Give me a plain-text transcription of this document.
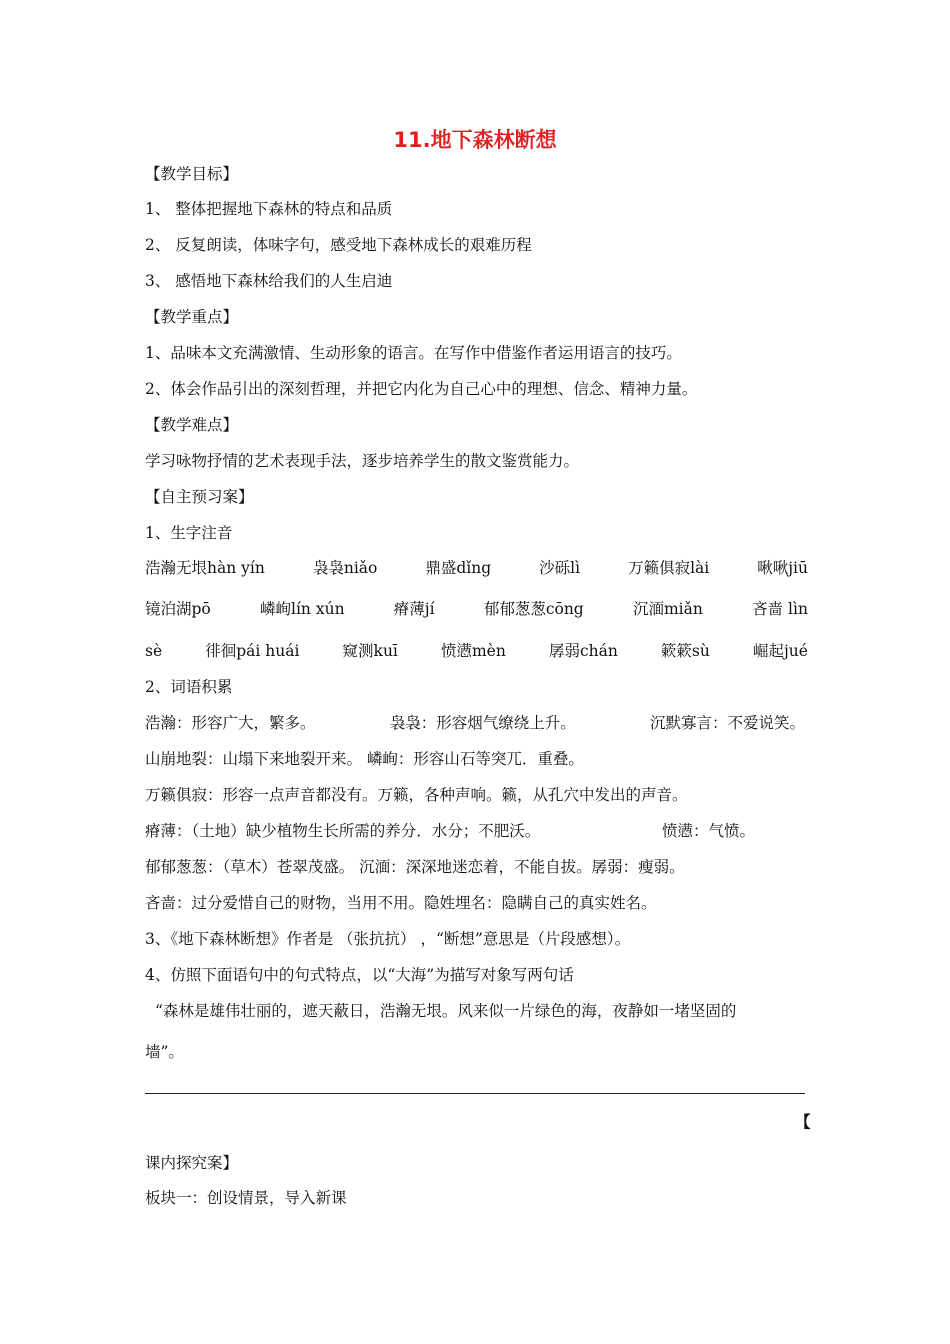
11.地下森林断想
【教学目标】
1、 整体把握地下森林的特点和品质
2、 反复朗读，体味字句，感受地下森林成长的艰难历程
3、 感悟地下森林给我们的人生启迪
【教学重点】
1、品味本文充满激情、生动形象的语言。在写作中借鉴作者运用语言的技巧。
2、体会作品引出的深刻哲理，并把它内化为自己心中的理想、信念、精神力量。
【教学难点】
学习咏物抒情的艺术表现手法，逐步培养学生的散文鉴赏能力。
【自主预习案】
1、生字注音
浩瀚无垠hàn yín	袅袅niǎo	鼎盛dǐng	沙砾lì	万籁俱寂lài	啾啾jiū
镜泊湖pō	嶙峋lín xún	瘠薄jí	郁郁葱葱cōng	沉湎miǎn	吝啬 lìn
sè	徘徊pái huái	窥测kuī	愤懑mèn	孱弱chán	簌簌sù	崛起jué
2、词语积累
浩瀚：形容广大，繁多。	袅袅：形容烟气缭绕上升。	沉默寡言：不爱说笑。
山崩地裂：山塌下来地裂开来。 嶙峋：形容山石等突兀．重叠。
万籁俱寂：形容一点声音都没有。万籁，各种声响。籁，从孔穴中发出的声音。
瘠薄：（土地）缺少植物生长所需的养分．水分；不肥沃。	愤懑：气愤。
郁郁葱葱：（草木）苍翠茂盛。 沉湎：深深地迷恋着，不能自拔。孱弱：瘦弱。
吝啬：过分爱惜自己的财物，当用不用。隐姓埋名：隐瞒自己的真实姓名。
3、《地下森林断想》作者是 （张抗抗） ，“断想”意思是（片段感想）。
4、仿照下面语句中的句式特点，以“大海”为描写对象写两句话
“森林是雄伟壮丽的，遮天蔽日，浩瀚无垠。风来似一片绿色的海，夜静如一堵坚固的
墙”。
【
课内探究案】
板块一：创设情景，导入新课
